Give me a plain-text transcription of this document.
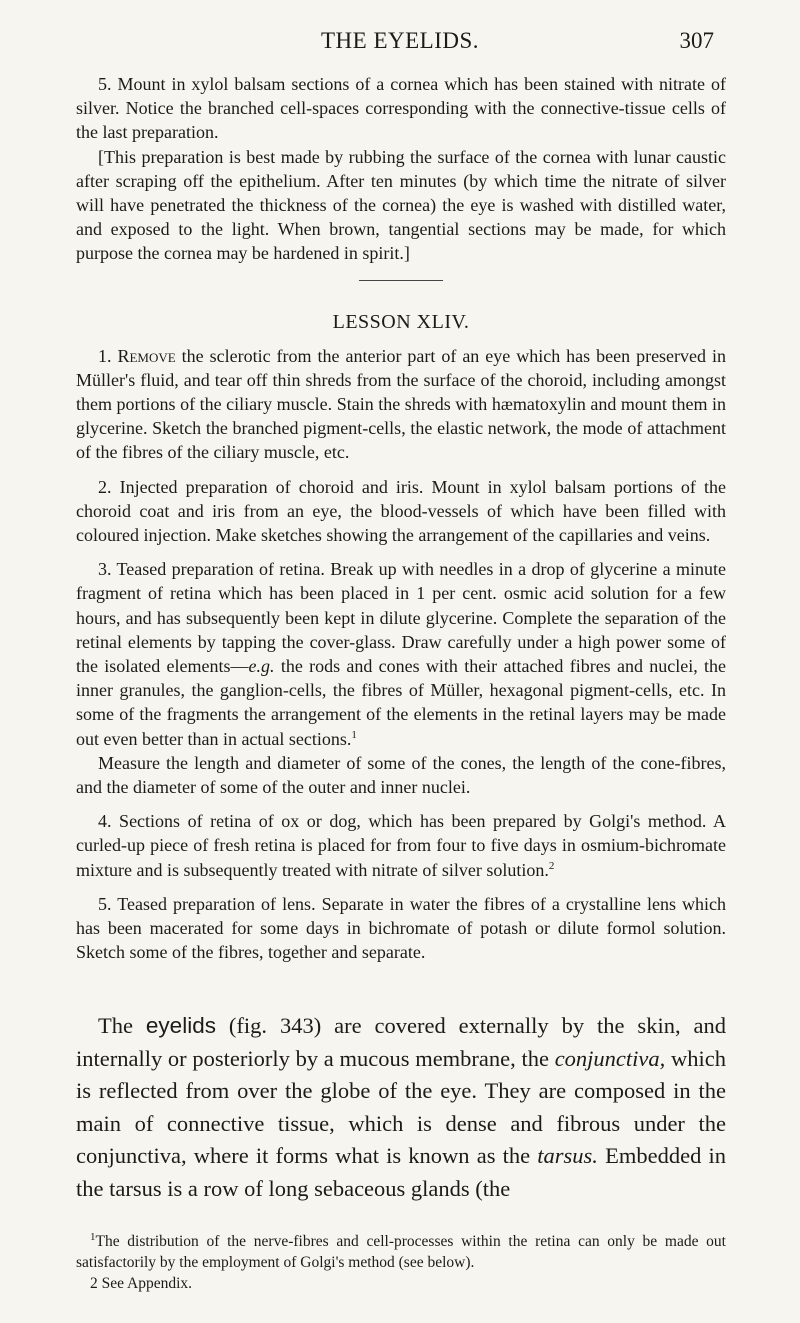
THE EYELIDS.	307

5. Mount in xylol balsam sections of a cornea which has been stained with nitrate of silver. Notice the branched cell-spaces corresponding with the connective-tissue cells of the last preparation.

[This preparation is best made by rubbing the surface of the cornea with lunar caustic after scraping off the epithelium. After ten minutes (by which time the nitrate of silver will have penetrated the thickness of the cornea) the eye is washed with distilled water, and exposed to the light. When brown, tangential sections may be made, for which purpose the cornea may be hardened in spirit.]

LESSON XLIV.

1. Remove the sclerotic from the anterior part of an eye which has been preserved in Müller's fluid, and tear off thin shreds from the surface of the choroid, including amongst them portions of the ciliary muscle. Stain the shreds with hæmatoxylin and mount them in glycerine. Sketch the branched pigment-cells, the elastic network, the mode of attachment of the fibres of the ciliary muscle, etc.

2. Injected preparation of choroid and iris. Mount in xylol balsam portions of the choroid coat and iris from an eye, the blood-vessels of which have been filled with coloured injection. Make sketches showing the arrangement of the capillaries and veins.

3. Teased preparation of retina. Break up with needles in a drop of glycerine a minute fragment of retina which has been placed in 1 per cent. osmic acid solution for a few hours, and has subsequently been kept in dilute glycerine. Complete the separation of the retinal elements by tapping the cover-glass. Draw carefully under a high power some of the isolated elements—e.g. the rods and cones with their attached fibres and nuclei, the inner granules, the ganglion-cells, the fibres of Müller, hexagonal pigment-cells, etc. In some of the fragments the arrangement of the elements in the retinal layers may be made out even better than in actual sections.$^1$

Measure the length and diameter of some of the cones, the length of the cone-fibres, and the diameter of some of the outer and inner nuclei.

4. Sections of retina of ox or dog, which has been prepared by Golgi's method. A curled-up piece of fresh retina is placed for from four to five days in osmium-bichromate mixture and is subsequently treated with nitrate of silver solution.$^2$

5. Teased preparation of lens. Separate in water the fibres of a crystalline lens which has been macerated for some days in bichromate of potash or dilute formol solution. Sketch some of the fibres, together and separate.

The eyelids (fig. 343) are covered externally by the skin, and internally or posteriorly by a mucous membrane, the conjunctiva, which is reflected from over the globe of the eye. They are composed in the main of connective tissue, which is dense and fibrous under the conjunctiva, where it forms what is known as the tarsus. Embedded in the tarsus is a row of long sebaceous glands (the

$^1$The distribution of the nerve-fibres and cell-processes within the retina can only be made out satisfactorily by the employment of Golgi's method (see below).

2 See Appendix.
